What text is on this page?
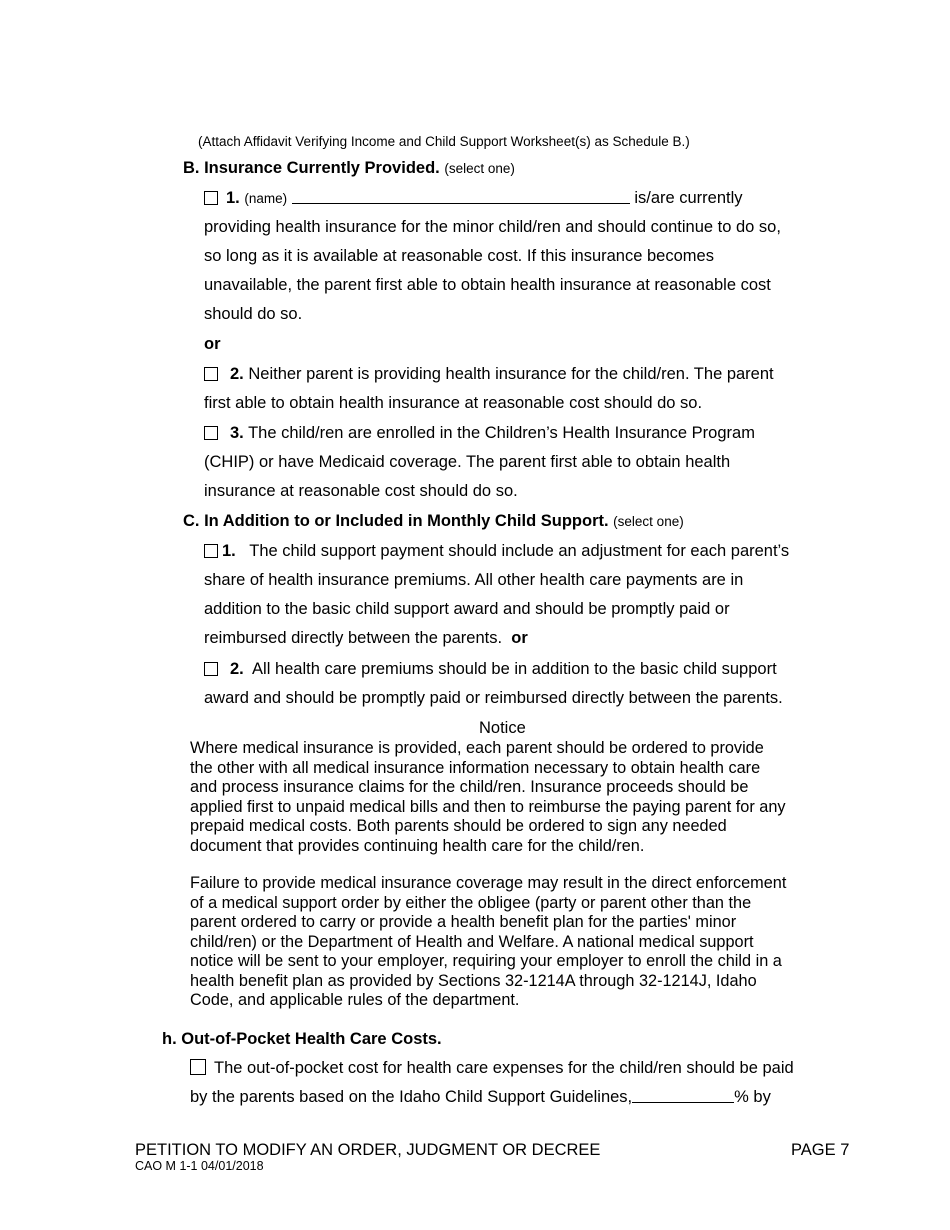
(Attach Affidavit Verifying Income and Child Support Worksheet(s) as Schedule B.)
B. Insurance Currently Provided. (select one)
1. (name)	is/are currently
providing health insurance for the minor child/ren and should continue to do so,
so long as it is available at reasonable cost. If this insurance becomes
unavailable, the parent first able to obtain health insurance at reasonable cost
should do so.
or
2. Neither parent is providing health insurance for the child/ren. The parent
first able to obtain health insurance at reasonable cost should do so.
3. The child/ren are enrolled in the Children’s Health Insurance Program
(CHIP) or have Medicaid coverage. The parent first able to obtain health
insurance at reasonable cost should do so.
C. In Addition to or Included in Monthly Child Support. (select one)
1. The child support payment should include an adjustment for each parent’s
share of health insurance premiums. All other health care payments are in
addition to the basic child support award and should be promptly paid or
reimbursed directly between the parents. or
2. All health care premiums should be in addition to the basic child support
award and should be promptly paid or reimbursed directly between the parents.
Notice
Where medical insurance is provided, each parent should be ordered to provide
the other with all medical insurance information necessary to obtain health care
and process insurance claims for the child/ren. Insurance proceeds should be
applied first to unpaid medical bills and then to reimburse the paying parent for any
prepaid medical costs. Both parents should be ordered to sign any needed
document that provides continuing health care for the child/ren.
Failure to provide medical insurance coverage may result in the direct enforcement
of a medical support order by either the obligee (party or parent other than the
parent ordered to carry or provide a health benefit plan for the parties' minor
child/ren) or the Department of Health and Welfare. A national medical support
notice will be sent to your employer, requiring your employer to enroll the child in a
health benefit plan as provided by Sections 32-1214A through 32-1214J, Idaho
Code, and applicable rules of the department.
h. Out-of-Pocket Health Care Costs.
The out-of-pocket cost for health care expenses for the child/ren should be paid
by the parents based on the Idaho Child Support Guidelines,	% by
PETITION TO MODIFY AN ORDER, JUDGMENT OR DECREE
CAO M 1-1 04/01/2018
PAGE 7
